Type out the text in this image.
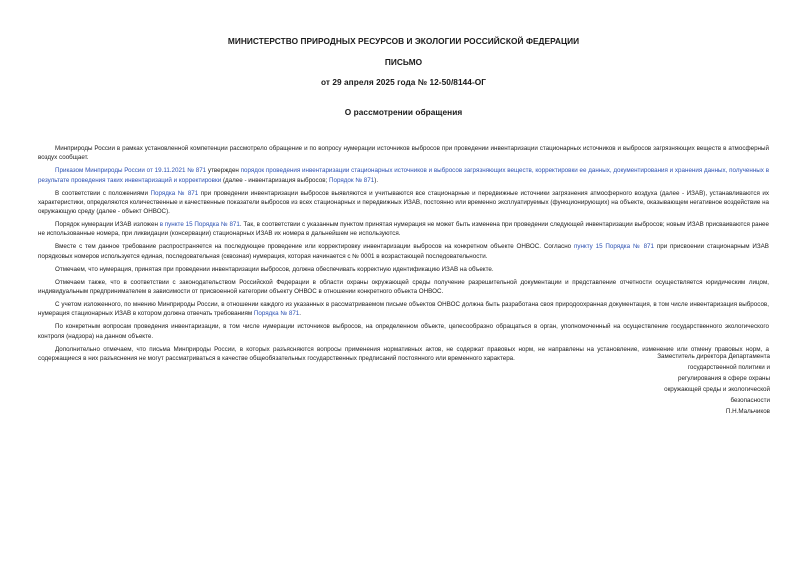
МИНИСТЕРСТВО ПРИРОДНЫХ РЕСУРСОВ И ЭКОЛОГИИ РОССИЙСКОЙ ФЕДЕРАЦИИ
ПИСЬМО
от 29 апреля 2025 года № 12-50/8144-ОГ
О рассмотрении обращения

Минприроды России в рамках установленной компетенции рассмотрело обращение и по вопросу нумерации источников выбросов при проведении инвентаризации стационарных источников и выбросов загрязняющих веществ в атмосферный воздух сообщает.

Приказом Минприроды России от 19.11.2021 № 871 утвержден порядок проведения инвентаризации стационарных источников и выбросов загрязняющих веществ, корректировки ее данных, документирования и хранения данных, полученных в результате проведения таких инвентаризаций и корректировки (далее - инвентаризация выбросов; Порядок № 871).

В соответствии с положениями Порядка № 871 при проведении инвентаризации выбросов выявляются и учитываются все стационарные и передвижные источники загрязнения атмосферного воздуха (далее - ИЗАВ), устанавливаются их характеристики, определяются количественные и качественные показатели выбросов из всех стационарных и передвижных ИЗАВ, постоянно или временно эксплуатируемых (функционирующих) на объекте, оказывающем негативное воздействие на окружающую среду (далее - объект ОНВОС).

Порядок нумерации ИЗАВ изложен в пункте 15 Порядка № 871. Так, в соответствии с указанным пунктом принятая нумерация не может быть изменена при проведении следующей инвентаризации выбросов; новым ИЗАВ присваиваются ранее не использованные номера, при ликвидации (консервации) стационарных ИЗАВ их номера в дальнейшем не используются.

Вместе с тем данное требование распространяется на последующее проведение или корректировку инвентаризации выбросов на конкретном объекте ОНВОС. Согласно пункту 15 Порядка № 871 при присвоении стационарным ИЗАВ порядковых номеров используется единая, последовательная (сквозная) нумерация, которая начинается с № 0001 в возрастающей последовательности.

Отмечаем, что нумерация, принятая при проведении инвентаризации выбросов, должна обеспечивать корректную идентификацию ИЗАВ на объекте.

Отмечаем также, что в соответствии с законодательством Российской Федерации в области охраны окружающей среды получение разрешительной документации и представление отчетности осуществляется юридическим лицом, индивидуальным предпринимателем в зависимости от присвоенной категории объекту ОНВОС в отношении конкретного объекта ОНВОС.

С учетом изложенного, по мнению Минприроды России, в отношении каждого из указанных в рассматриваемом письме объектов ОНВОС должна быть разработана своя природоохранная документация, в том числе инвентаризация выбросов, нумерация стационарных ИЗАВ в котором должна отвечать требованиям Порядка № 871.

По конкретным вопросам проведения инвентаризации, в том числе нумерации источников выбросов, на определенном объекте, целесообразно обращаться в орган, уполномоченный на осуществление государственного экологического контроля (надзора) на данном объекте.

Дополнительно отмечаем, что письма Минприроды России, в которых разъясняются вопросы применения нормативных актов, не содержат правовых норм, не направлены на установление, изменение или отмену правовых норм, а содержащиеся в них разъяснения не могут рассматриваться в качестве общеобязательных государственных предписаний постоянного или временного характера.	Заместитель директора Департамента
государственной политики и
регулирования в сфере охраны
окружающей среды и экологической
безопасности
П.Н.Мальчиков
